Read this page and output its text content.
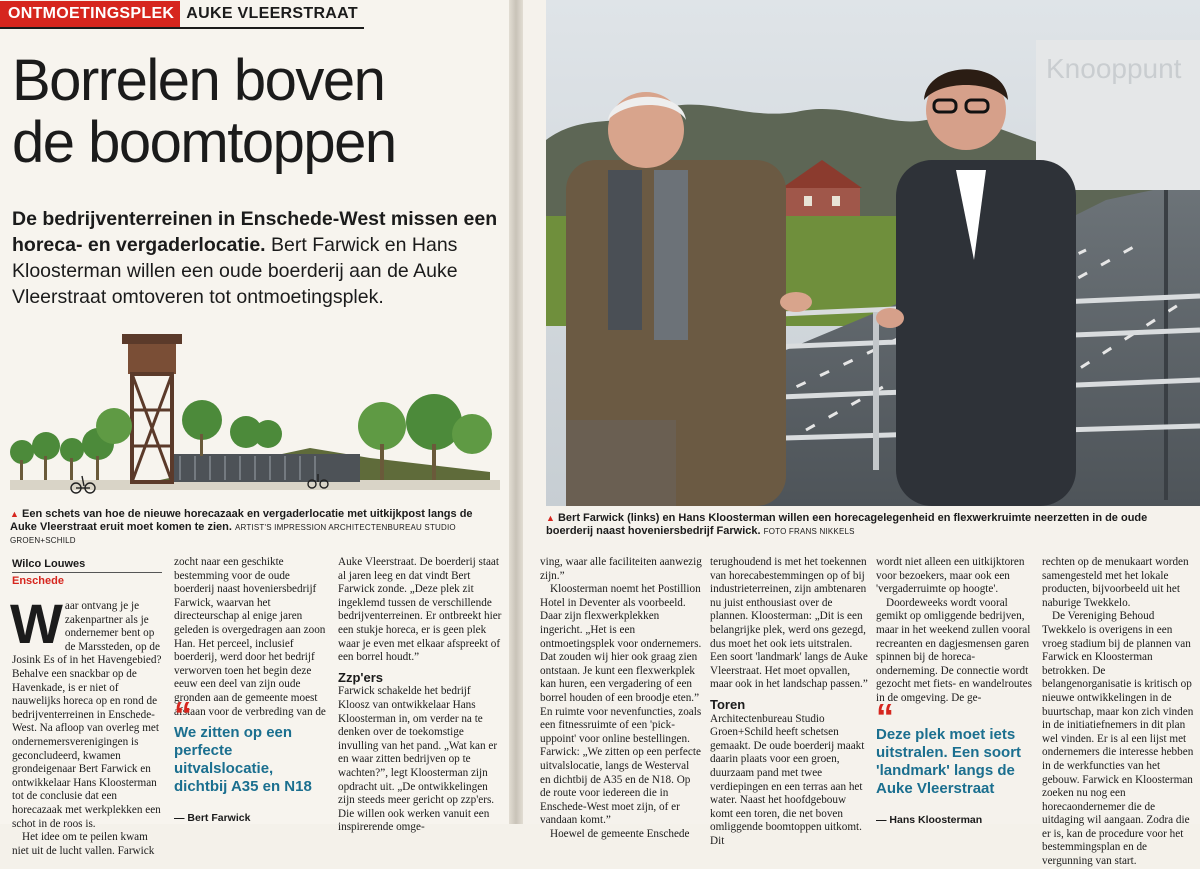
ONTMOETINGSPLEK AUKE VLEERSTRAAT
Borrelen boven
de boomtoppen

De bedrijventerreinen in Enschede-West missen een horeca- en vergaderlocatie. Bert Farwick en Hans Kloosterman willen een oude boerderij aan de Auke Vleerstraat omtoveren tot ontmoetingsplek.

▲ Een schets van hoe de nieuwe horecazaak en vergaderlocatie met uitkijkpost langs de Auke Vleerstraat eruit moet komen te zien. ARTIST'S IMPRESSION ARCHITECTENBUREAU STUDIO GROEN+SCHILD

Knooppunt

▲ Bert Farwick (links) en Hans Kloosterman willen een horecagelegenheid en flexwerkruimte neerzetten in de oude boerderij naast hoveniersbedrijf Farwick. FOTO FRANS NIKKELS

Wilco Louwes
Enschede
W aar ontvang je je zakenpartner als je ondernemer bent op de Marssteden, op de Josink Es of in het Havengebied? Behalve een snackbar op de Havenkade, is er niet of nauwelijks horeca op en rond de bedrijventerreinen in Enschede-West. Na afloop van overleg met ondernemersverenigingen is geconcludeerd, kwamen grondeigenaar Bert Farwick en ontwikkelaar Hans Kloosterman tot de conclusie dat een horecazaak met werkplekken een schot in de roos is.

Het idee om te peilen kwam niet uit de lucht vallen. Farwick

zocht naar een geschikte bestemming voor de oude boerderij naast hoveniersbedrijf Farwick, waarvan het directeurschap al enige jaren geleden is overgedragen aan zoon Han. Het perceel, inclusief boerderij, werd door het bedrijf verworven toen het begin deze eeuw een deel van zijn oude gronden aan de gemeente moest afstaan voor de verbreding van de

“
We zitten op een perfecte uitvalslocatie, dichtbij A35 en N18
— Bert Farwick

Auke Vleerstraat. De boerderij staat al jaren leeg en dat vindt Bert Farwick zonde. „Deze plek zit ingeklemd tussen de verschillende bedrijventerreinen. Er ontbreekt hier een stukje horeca, er is geen plek waar je even met elkaar afspreekt of een borrel houdt.”

Zzp'ers

Farwick schakelde het bedrijf Kloosz van ontwikkelaar Hans Kloosterman in, om verder na te denken over de toekomstige invulling van het pand. „Wat kan er en waar zitten bedrijven op te wachten?”, legt Kloosterman zijn opdracht uit. „De ontwikkelingen zijn steeds meer gericht op zzp'ers. Die willen ook werken vanuit een inspirerende omge-

ving, waar alle faciliteiten aanwezig zijn.”

Kloosterman noemt het Postillion Hotel in Deventer als voorbeeld. Daar zijn flexwerkplekken ingericht. „Het is een ontmoetingsplek voor ondernemers. Dat zouden wij hier ook graag zien ontstaan. Je kunt een flexwerkplek kan huren, een vergadering of een borrel houden of een broodje eten.” En ruimte voor nevenfuncties, zoals een fitnessruimte of een 'pick-uppoint' voor online bestellingen. Farwick: „We zitten op een perfecte uitvalslocatie, langs de Westerval en dichtbij de A35 en de N18. Op de route voor iedereen die in Enschede-West moet zijn, of er vandaan komt.”

Hoewel de gemeente Enschede

terughoudend is met het toekennen van horecabestemmingen op of bij industrieterreinen, zijn ambtenaren nu juist enthousiast over de plannen. Kloosterman: „Dit is een belangrijke plek, werd ons gezegd, dus moet het ook iets uitstralen. Een soort 'landmark' langs de Auke Vleerstraat. Het moet opvallen, maar ook in het landschap passen.”

Toren

Architectenbureau Studio Groen+Schild heeft schetsen gemaakt. De oude boerderij maakt daarin plaats voor een groen, duurzaam pand met twee verdiepingen en een terras aan het water. Naast het hoofdgebouw komt een toren, die net boven omliggende boomtoppen uitkomt. Dit

wordt niet alleen een uitkijktoren voor bezoekers, maar ook een 'vergaderruimte op hoogte'.

Doordeweeks wordt vooral gemikt op omliggende bedrijven, maar in het weekend zullen vooral recreanten en dagjesmensen garen spinnen bij de horeca-onderneming. De connectie wordt gezocht met fiets- en wandelroutes in de omgeving. De ge-

“
Deze plek moet iets uitstralen. Een soort 'landmark' langs de Auke Vleerstraat
— Hans Kloosterman

rechten op de menukaart worden samengesteld met het lokale producten, bijvoorbeeld uit het naburige Twekkelo.

De Vereniging Behoud Twekkelo is overigens in een vroeg stadium bij de plannen van Farwick en Kloosterman betrokken. De belangenorganisatie is kritisch op nieuwe ontwikkelingen in de buurtschap, maar kon zich vinden in de initiatiefnemers in dit plan wel vinden. Er is al een lijst met ondernemers die interesse hebben in de werkfuncties van het gebouw. Farwick en Kloosterman zoeken nu nog een horecaondernemer die de uitdaging wil aangaan. Zodra die er is, kan de procedure voor het bestemmingsplan en de vergunning van start.
